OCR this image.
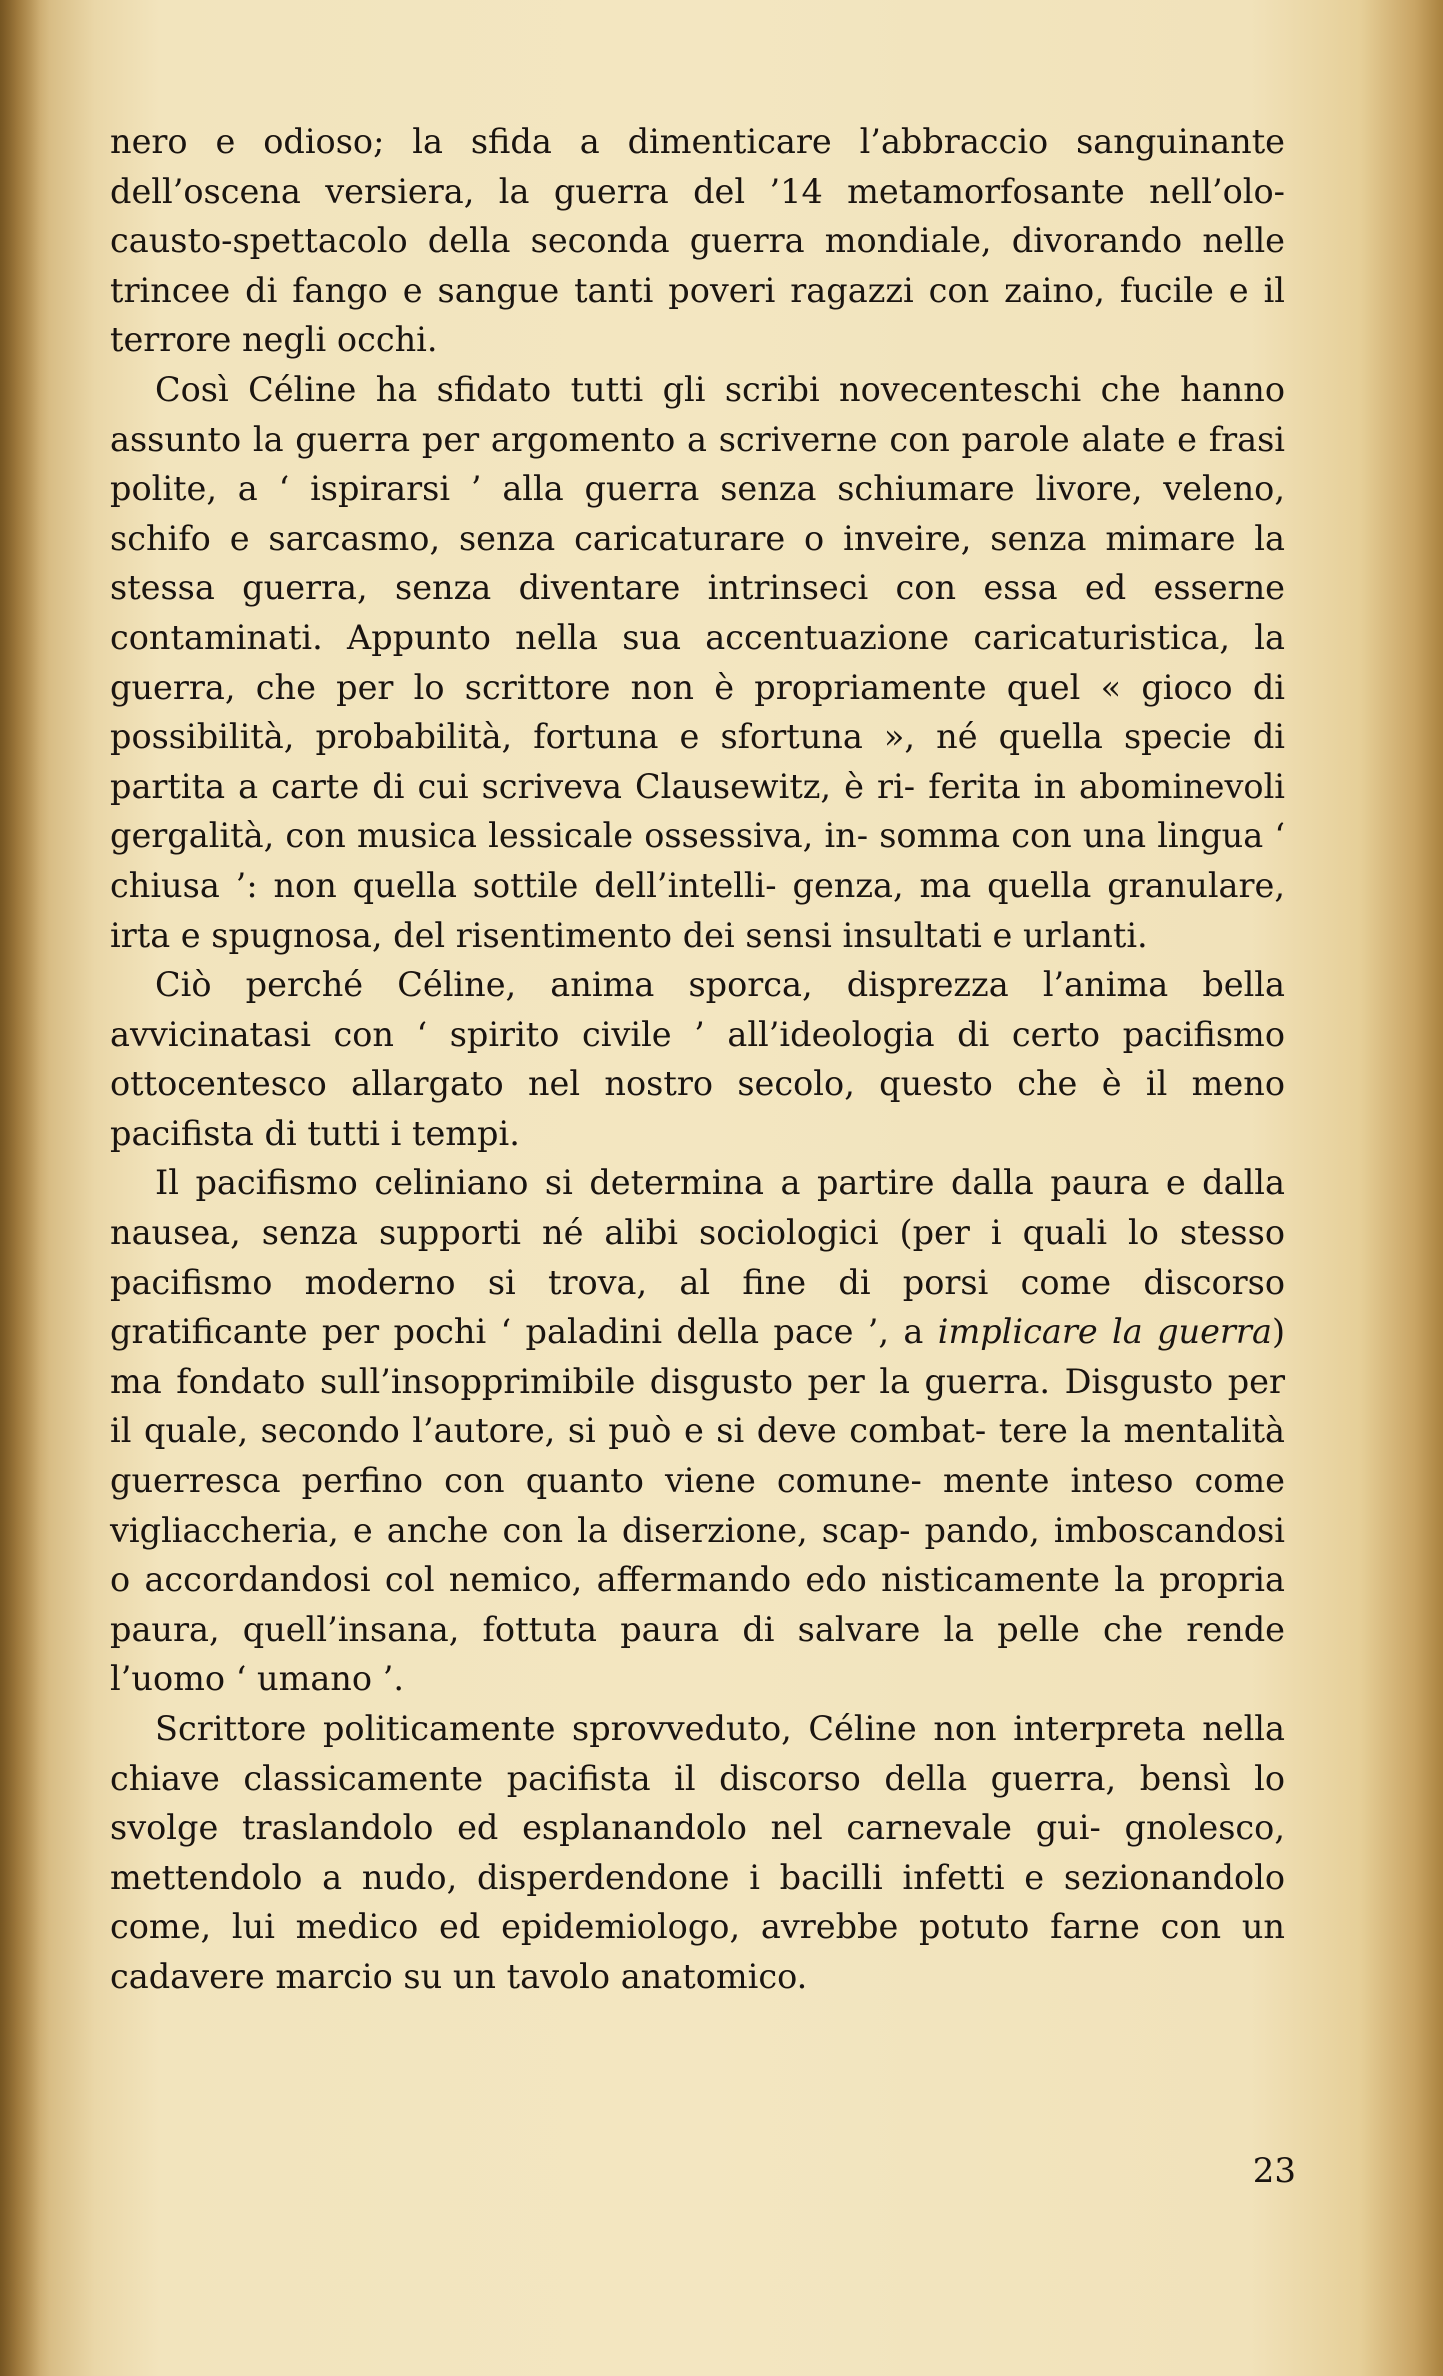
nero e odioso; la sfida a dimenticare l’abbraccio sanguinante dell’oscena versiera, la guerra del ’14 metamorfosante nell’olo- causto-spettacolo della seconda guerra mondiale, divorando nelle trincee di fango e sangue tanti poveri ragazzi con zaino, fucile e il terrore negli occhi.

Così Céline ha sfidato tutti gli scribi novecenteschi che hanno assunto la guerra per argomento a scriverne con parole alate e frasi polite, a ‘ ispirarsi ’ alla guerra senza schiumare livore, veleno, schifo e sarcasmo, senza caricaturare o inveire, senza mimare la stessa guerra, senza diventare intrinseci con essa ed esserne contaminati. Appunto nella sua accentuazione caricaturistica, la guerra, che per lo scrittore non è propriamente quel « gioco di possibilità, probabilità, fortuna e sfortuna », né quella specie di partita a carte di cui scriveva Clausewitz, è ri- ferita in abominevoli gergalità, con musica lessicale ossessiva, in- somma con una lingua ‘ chiusa ’: non quella sottile dell’intelli- genza, ma quella granulare, irta e spugnosa, del risentimento dei sensi insultati e urlanti.

Ciò perché Céline, anima sporca, disprezza l’anima bella avvicinatasi con ‘ spirito civile ’ all’ideologia di certo pacifismo ottocentesco allargato nel nostro secolo, questo che è il meno pacifista di tutti i tempi.

Il pacifismo celiniano si determina a partire dalla paura e dalla nausea, senza supporti né alibi sociologici (per i quali lo stesso pacifismo moderno si trova, al fine di porsi come discorso gratificante per pochi ‘ paladini della pace ’, a implicare la guerra) ma fondato sull’insopprimibile disgusto per la guerra. Disgusto per il quale, secondo l’autore, si può e si deve combat- tere la mentalità guerresca perfino con quanto viene comune- mente inteso come vigliaccheria, e anche con la diserzione, scap- pando, imboscandosi o accordandosi col nemico, affermando edo nisticamente la propria paura, quell’insana, fottuta paura di salvare la pelle che rende l’uomo ‘ umano ’.

Scrittore politicamente sprovveduto, Céline non interpreta nella chiave classicamente pacifista il discorso della guerra, bensì lo svolge traslandolo ed esplanandolo nel carnevale gui- gnolesco, mettendolo a nudo, disperdendone i bacilli infetti e sezionandolo come, lui medico ed epidemiologo, avrebbe potuto farne con un cadavere marcio su un tavolo anatomico.

23
